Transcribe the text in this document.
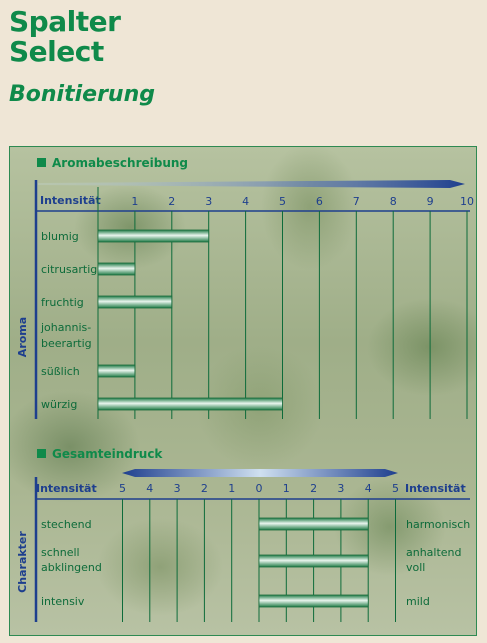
Spalter
Select
Bonitierung
Aromabeschreibung
Intensität	1	2	3	4	5	6	7	8	9 10
Aroma
blumig
citrusartig
fruchtig
johannis-beerartig
süßlich
würzig
Gesamteindruck
Intensität	Intensität
5 4 3 2 1 0 1 2 3 4 5
Charakter
stechend	harmonisch
schnell abklingend
anhaltend voll
intensiv	mild
